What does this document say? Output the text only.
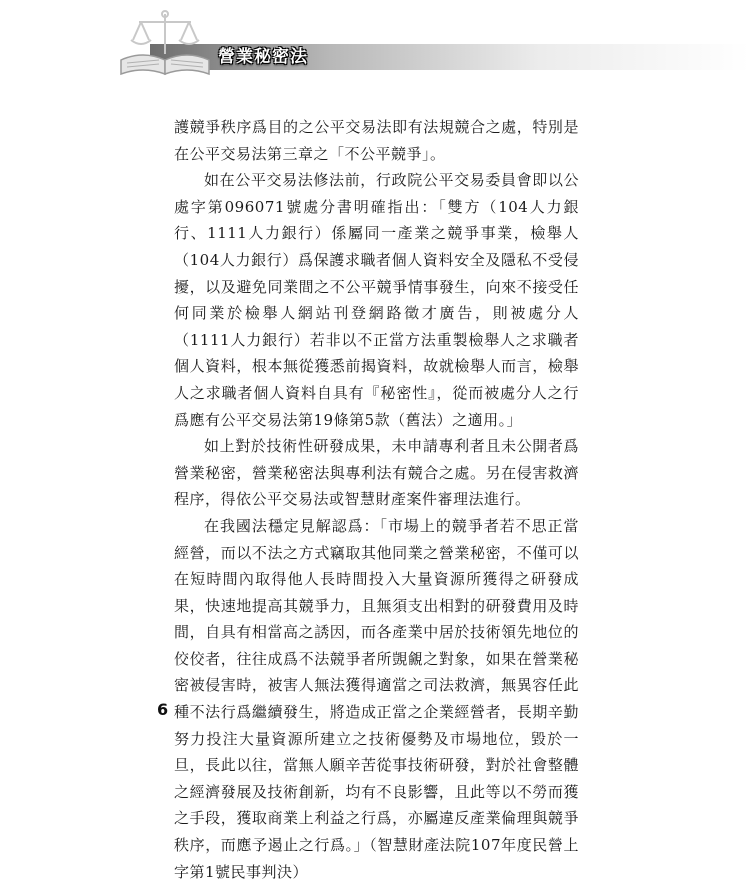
營業秘密法

護競爭秩序爲目的之公平交易法即有法規競合之處，特別是在公平交易法第三章之「不公平競爭」。

如在公平交易法修法前，行政院公平交易委員會即以公處字第096071號處分書明確指出：「雙方（104人力銀行、1111人力銀行）係屬同一產業之競爭事業，檢舉人（104人力銀行）爲保護求職者個人資料安全及隱私不受侵擾，以及避免同業間之不公平競爭情事發生，向來不接受任何同業於檢舉人網站刊登網路徵才廣告，則被處分人（1111人力銀行）若非以不正當方法重製檢舉人之求職者個人資料，根本無從獲悉前揭資料，故就檢舉人而言，檢舉人之求職者個人資料自具有『秘密性』，從而被處分人之行爲應有公平交易法第19條第5款（舊法）之適用。」

如上對於技術性研發成果，未申請專利者且未公開者爲營業秘密，營業秘密法與專利法有競合之處。另在侵害救濟程序，得依公平交易法或智慧財產案件審理法進行。

在我國法穩定見解認爲：「市場上的競爭者若不思正當經營，而以不法之方式竊取其他同業之營業秘密，不僅可以在短時間內取得他人長時間投入大量資源所獲得之研發成果，快速地提高其競爭力，且無須支出相對的研發費用及時間，自具有相當高之誘因，而各產業中居於技術領先地位的佼佼者，往往成爲不法競爭者所覬覦之對象，如果在營業秘密被侵害時，被害人無法獲得適當之司法救濟，無異容任此種不法行爲繼續發生，將造成正當之企業經營者，長期辛勤努力投注大量資源所建立之技術優勢及市場地位，毀於一旦，長此以往，當無人願辛苦從事技術研發，對於社會整體之經濟發展及技術創新，均有不良影響，且此等以不勞而獲之手段，獲取商業上利益之行爲，亦屬違反產業倫理與競爭秩序，而應予遏止之行爲。」（智慧財產法院107年度民營上字第1號民事判決）

6
